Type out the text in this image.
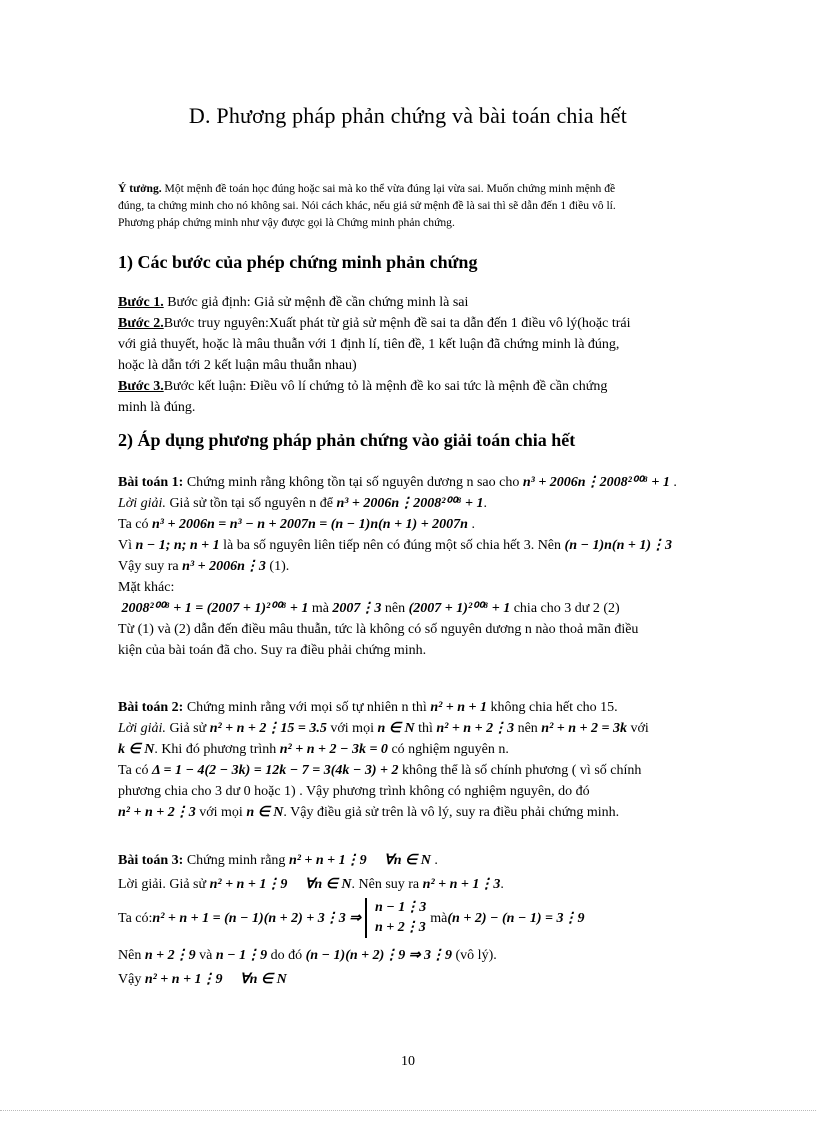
D. Phương pháp phản chứng và bài toán chia hết
Ý tưởng. Một mệnh đề toán học đúng hoặc sai mà ko thể vừa đúng lại vừa sai. Muốn chứng minh mệnh đề
đúng, ta chứng minh cho nó không sai. Nói cách khác, nếu giả sử mệnh đề là sai thì sẽ dẫn đến 1 điều vô lí.
Phương pháp chứng minh như vậy được gọi là Chứng minh phản chứng.
1) Các bước của phép chứng minh phản chứng
Bước 1. Bước giả định: Giả sử mệnh đề cần chứng minh là sai
Bước 2.Bước truy nguyên:Xuất phát từ giả sử mệnh đề sai ta dẫn đến 1 điều vô lý(hoặc trái
với giả thuyết, hoặc là mâu thuẫn với 1 định lí, tiên đề, 1 kết luận đã chứng minh là đúng,
hoặc là dẫn tới 2 kết luận mâu thuẫn nhau)
Bước 3.Bước kết luận: Điều vô lí chứng tỏ là mệnh đề ko sai tức là mệnh đề cần chứng
minh là đúng.
2) Áp dụng phương pháp phản chứng vào giải toán chia hết
Bài toán 1: Chứng minh rằng không tồn tại số nguyên dương n sao cho n³ + 2006n⋮2008²⁰⁰⁸ + 1 .
Lời giải. Giả sử tồn tại số nguyên n để n³ + 2006n⋮2008²⁰⁰⁸ + 1.
Ta có n³ + 2006n = n³ − n + 2007n = (n − 1)n(n + 1) + 2007n .
Vì n − 1; n; n + 1 là ba số nguyên liên tiếp nên có đúng một số chia hết 3. Nên (n − 1)n(n + 1)⋮3
Vậy suy ra n³ + 2006n⋮3 (1).
Mặt khác:
2008²⁰⁰⁸ + 1 = (2007 + 1)²⁰⁰⁸ + 1 mà 2007⋮3 nên (2007 + 1)²⁰⁰⁸ + 1 chia cho 3 dư 2 (2)
Từ (1) và (2) dẫn đến điều mâu thuẫn, tức là không có số nguyên dương n nào thoả mãn điều
kiện của bài toán đã cho. Suy ra điều phải chứng minh.
Bài toán 2: Chứng minh rằng với mọi số tự nhiên n thì n² + n + 1 không chia hết cho 15.
Lời giải. Giả sử n² + n + 2⋮15 = 3.5 với mọi n ∈ N thì n² + n + 2⋮3 nên n² + n + 2 = 3k với
k ∈ N. Khi đó phương trình n² + n + 2 − 3k = 0 có nghiệm nguyên n.
Ta có Δ = 1 − 4(2 − 3k) = 12k − 7 = 3(4k − 3) + 2 không thể là số chính phương ( vì số chính
phương chia cho 3 dư 0 hoặc 1) . Vậy phương trình không có nghiệm nguyên, do đó
n² + n + 2⋮3 với mọi n ∈ N. Vậy điều giả sử trên là vô lý, suy ra điều phải chứng minh.
Bài toán 3: Chứng minh rằng n² + n + 1⋮9     ∀n ∈ N .
Lời giải. Giả sử n² + n + 1⋮9     ∀n ∈ N. Nên suy ra n² + n + 1⋮3.
Ta có: n² + n + 1 = (n − 1)(n + 2) + 3⋮3 ⇒
n − 1⋮3
n + 2⋮3
mà (n + 2) − (n − 1) = 3⋮9
Nên n + 2⋮9 và n − 1⋮9 do đó (n − 1)(n + 2)⋮9 ⇒ 3⋮9 (vô lý).
Vậy n² + n + 1⋮9     ∀n ∈ N
10
